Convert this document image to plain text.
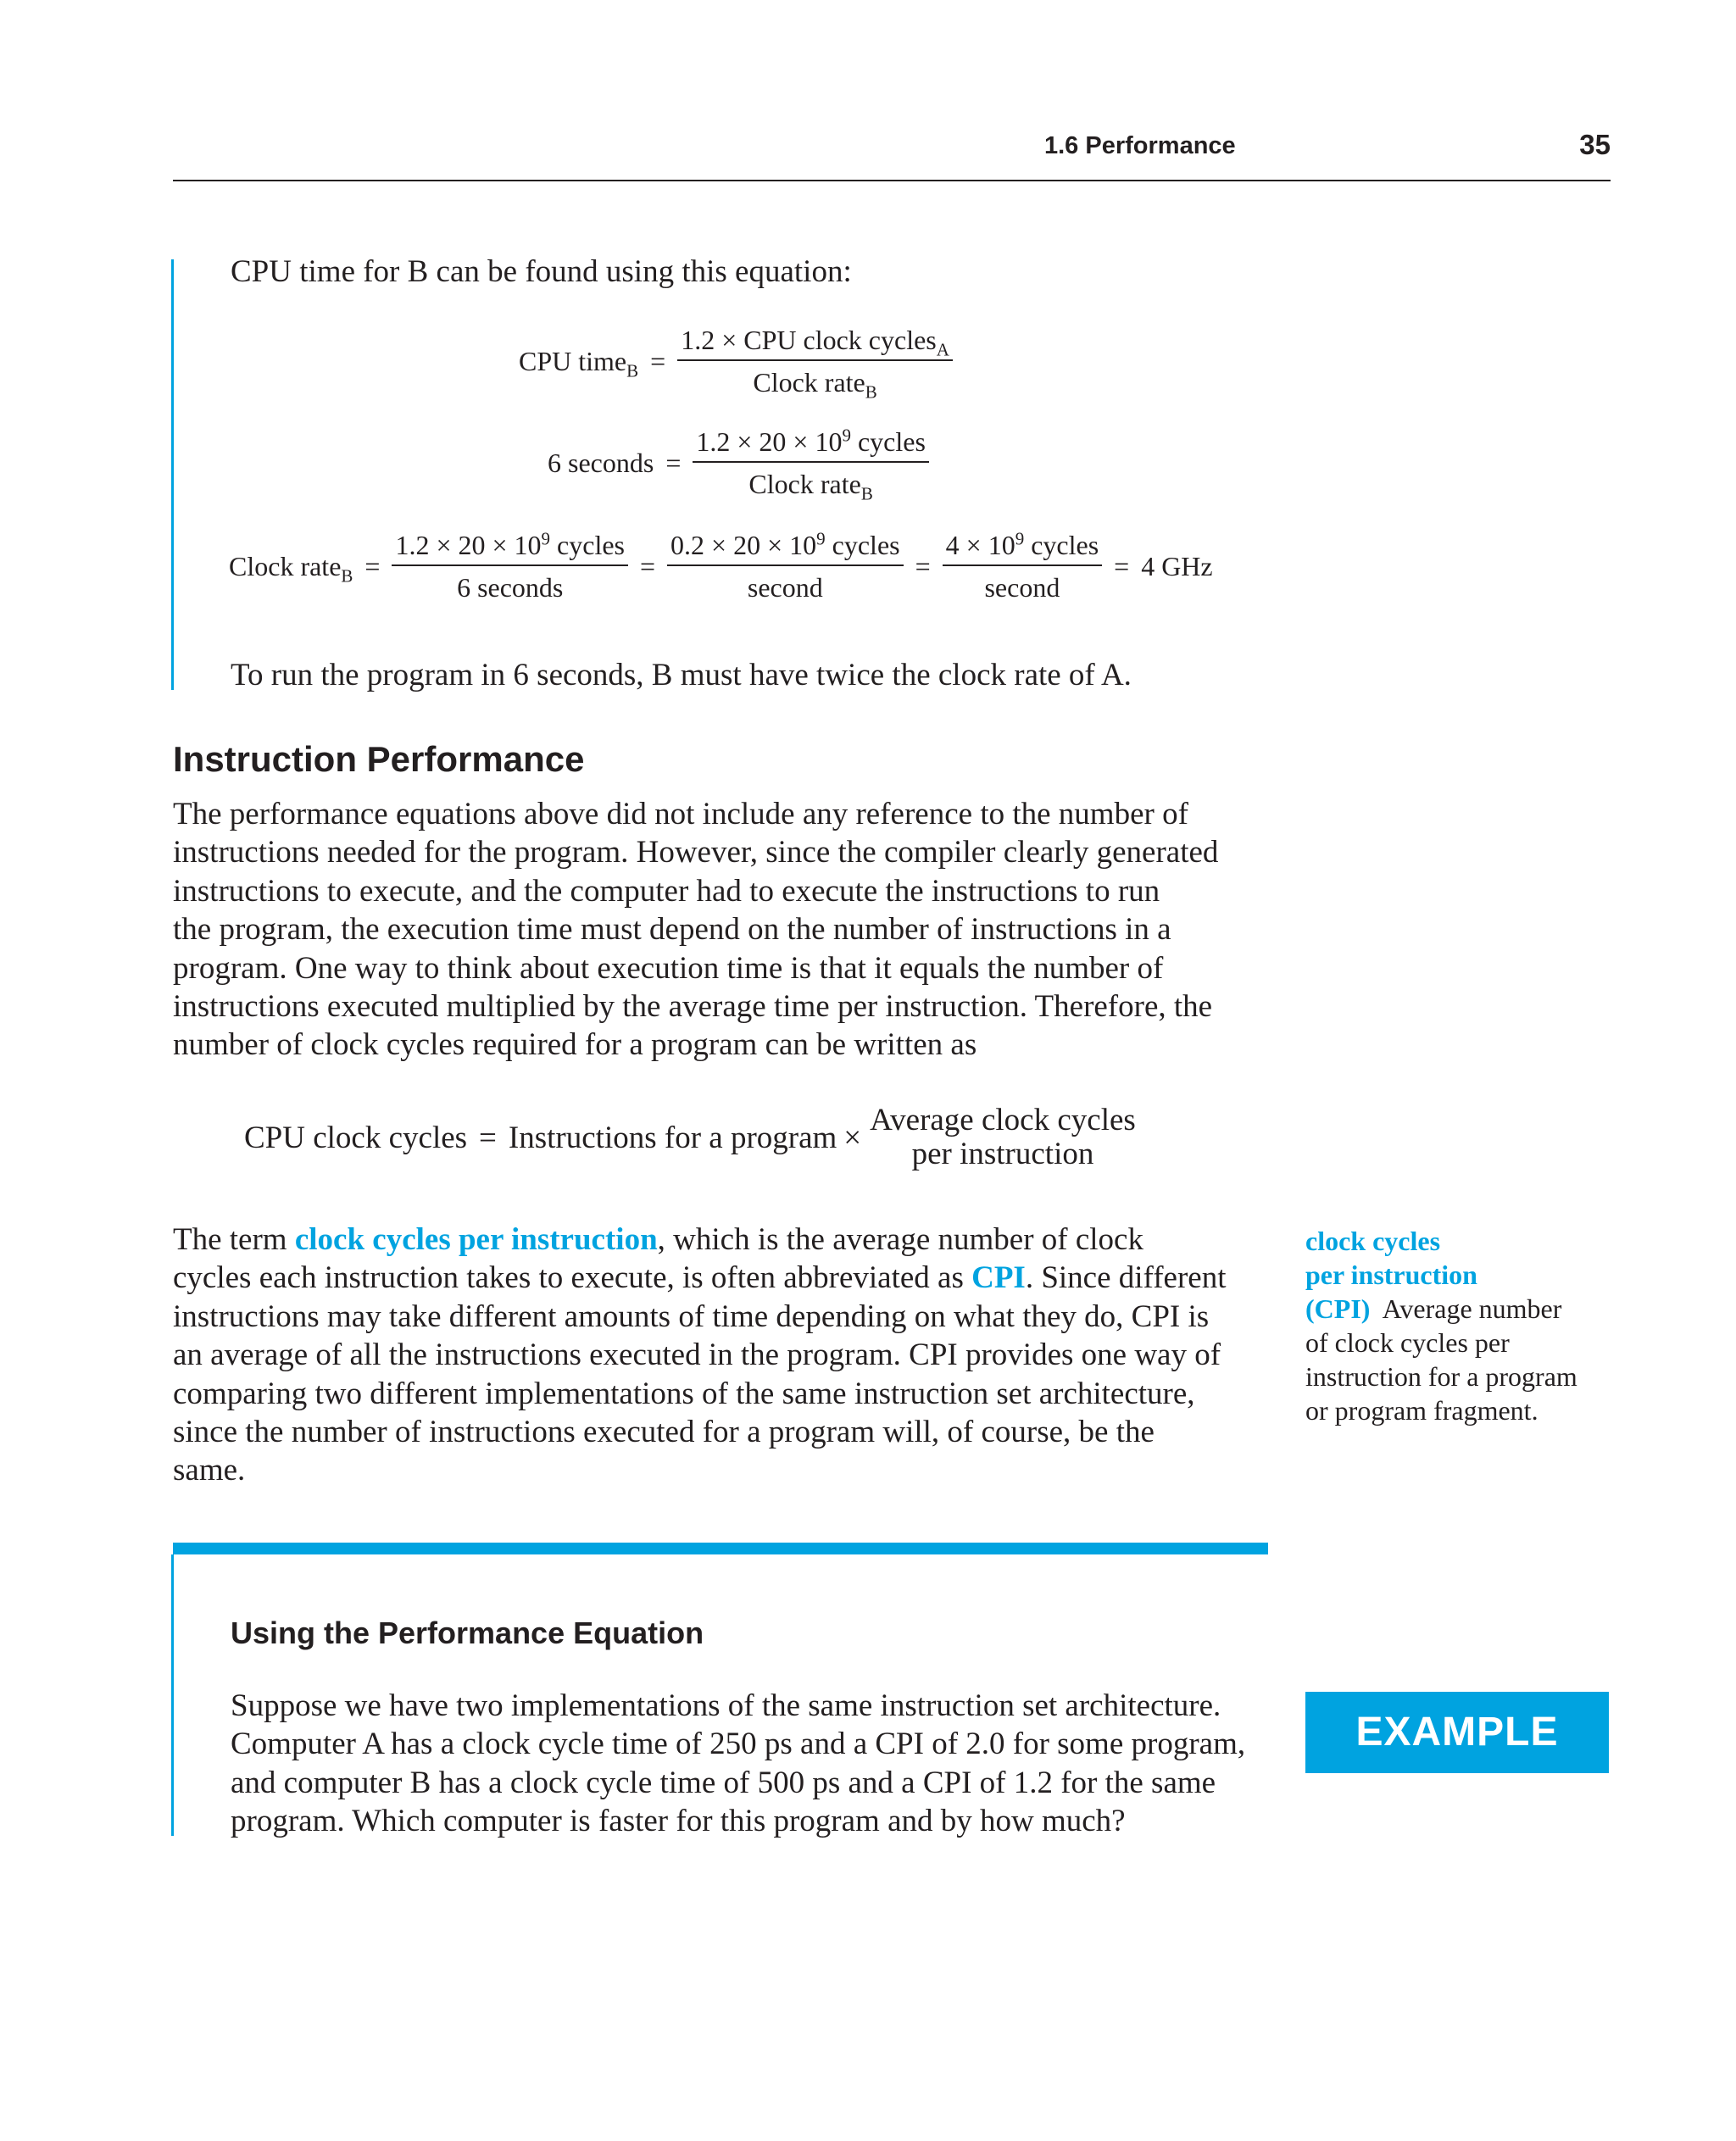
1.6 Performance	35
CPU time for B can be found using this equation:
CPU time$_B$ = $\frac{1.2 \times CPU clock cycles_A}{Clock rate_B}$
6 seconds = $\frac{1.2 \times 20 \times 10^9 cycles}{Clock rate_B}$
Clock rate$_B$ = $\frac{1.2 \times 20 \times 10^9 cycles}{\text{6 seconds}} = \frac{0.2 \times 20 \times 10^9 cycles}{\text{second}} = \frac{4 \times 10^9 cycles}{\text{second}} = 4$ GHz
To run the program in 6 seconds, B must have twice the clock rate of A.
Instruction Performance

The performance equations above did not include any reference to the number of

instructions needed for the program. However, since the compiler clearly generated

instructions to execute, and the computer had to execute the instructions to run

the program, the execution time must depend on the number of instructions in a

program. One way to think about execution time is that it equals the number of

instructions executed multiplied by the average time per instruction. Therefore, the

number of clock cycles required for a program can be written as

CPU clock cycles = Instructions for a program × Average clock cycles
per instruction

The term clock cycles per instruction, which is the average number of clock

cycles each instruction takes to execute, is often abbreviated as CPI. Since different

instructions may take different amounts of time depending on what they do, CPI is

an average of all the instructions executed in the program. CPI provides one way of

comparing two different implementations of the same instruction set architecture,

since the number of instructions executed for a program will, of course, be the

same.

clock cycles
per instruction
(CPI) Average number
of clock cycles per
instruction for a program
or program fragment.
Using the Performance Equation
EXAMPLE

Suppose we have two implementations of the same instruction set architecture.

Computer A has a clock cycle time of 250 ps and a CPI of 2.0 for some program,

and computer B has a clock cycle time of 500 ps and a CPI of 1.2 for the same

program. Which computer is faster for this program and by how much?
